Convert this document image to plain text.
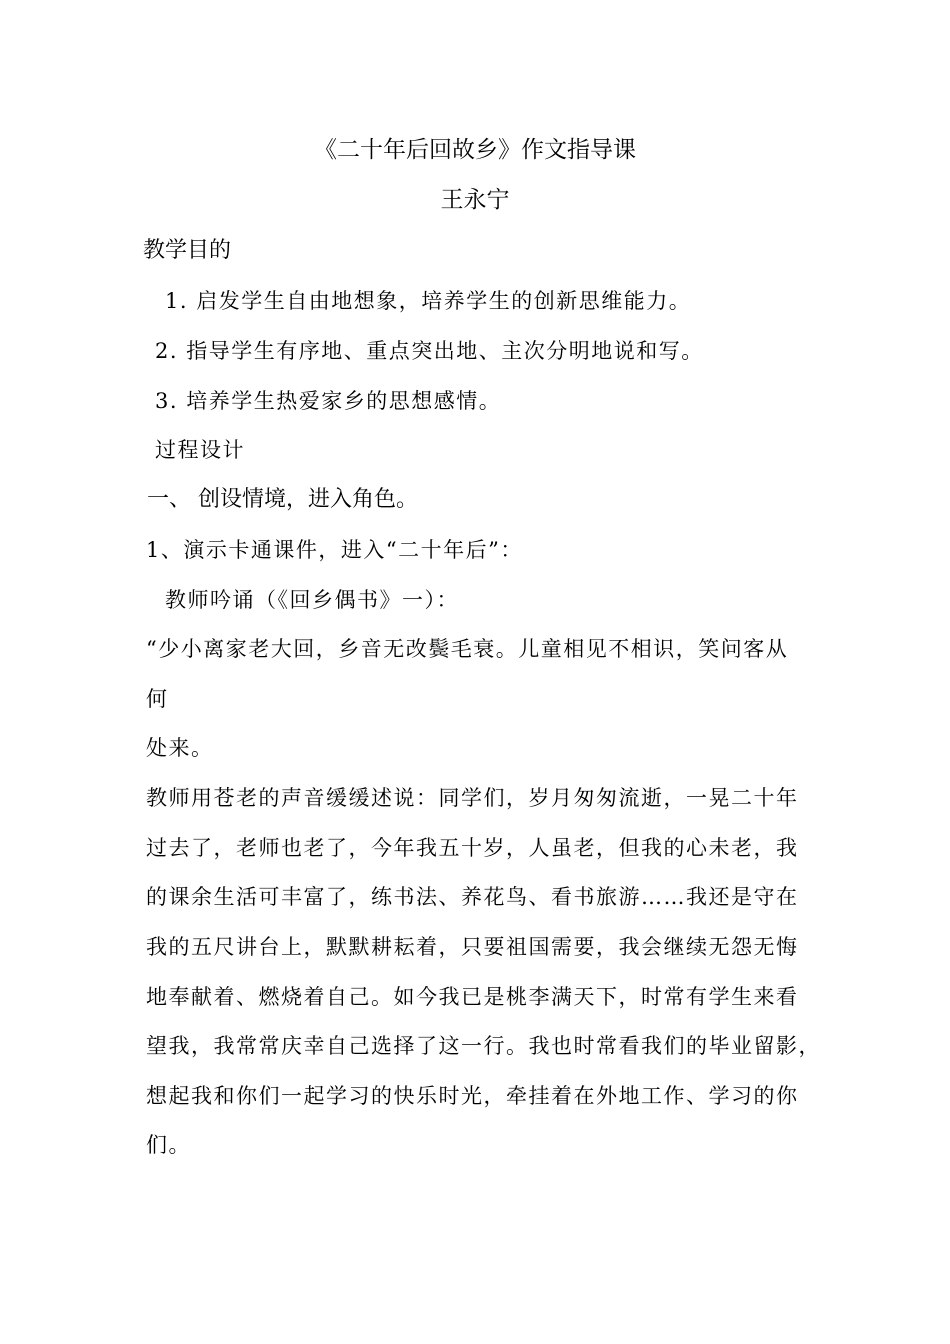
《二十年后回故乡》作文指导课
王永宁
教学目的
1. 启发学生自由地想象，培养学生的创新思维能力。
2. 指导学生有序地、重点突出地、主次分明地说和写。
3. 培养学生热爱家乡的思想感情。
过程设计
一、 创设情境，进入角色。
1、演示卡通课件，进入“二十年后”：
教师吟诵（《回乡偶书》一）：
“少小离家老大回，乡音无改鬓毛衰。儿童相见不相识，笑问客从
何
处来。
教师用苍老的声音缓缓述说：同学们，岁月匆匆流逝，一晃二十年
过去了，老师也老了，今年我五十岁，人虽老，但我的心未老，我
的课余生活可丰富了，练书法、养花鸟、看书旅游……我还是守在
我的五尺讲台上，默默耕耘着，只要祖国需要，我会继续无怨无悔
地奉献着、燃烧着自己。如今我已是桃李满天下，时常有学生来看
望我，我常常庆幸自己选择了这一行。我也时常看我们的毕业留影，
想起我和你们一起学习的快乐时光，牵挂着在外地工作、学习的你
们。
